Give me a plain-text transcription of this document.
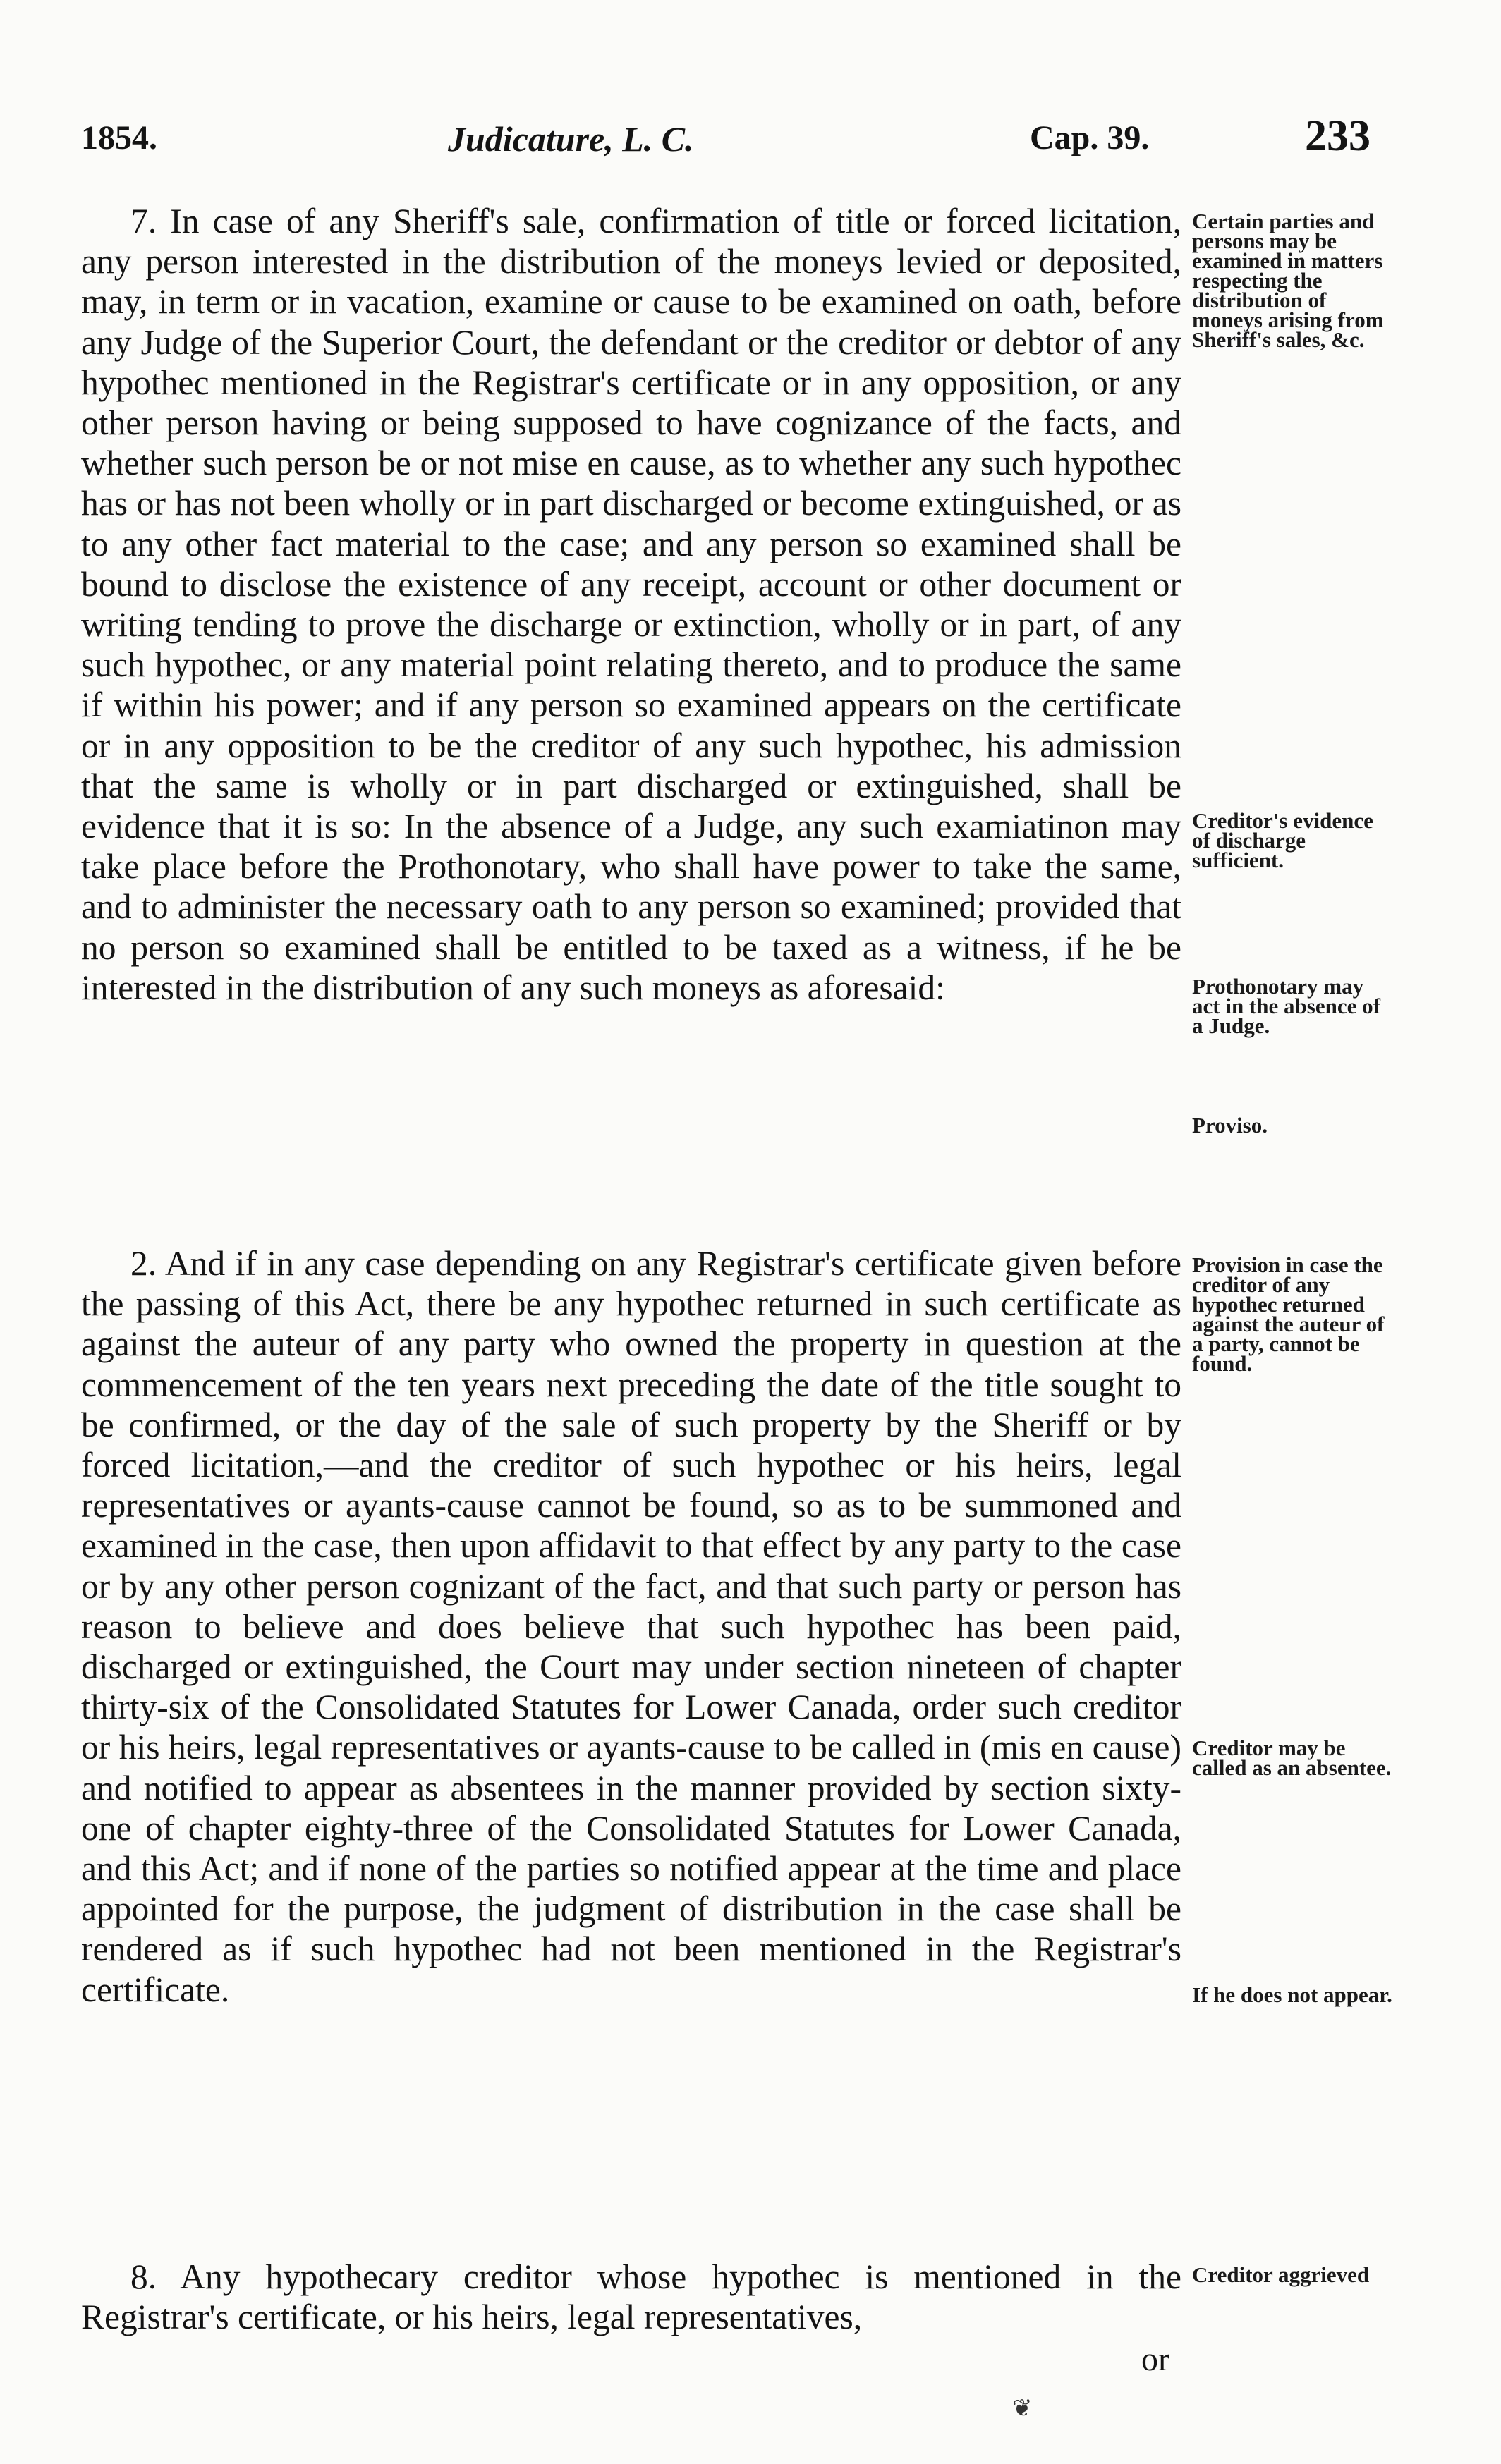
1854.	Judicature, L. C.	Cap. 39.	233
7. In case of any Sheriff's sale, confirmation of title or forced licitation, any person interested in the distribution of the moneys levied or deposited, may, in term or in vacation, examine or cause to be examined on oath, before any Judge of the Superior Court, the defendant or the creditor or debtor of any hypothec mentioned in the Registrar's certificate or in any opposition, or any other person having or being supposed to have cognizance of the facts, and whether such person be or not mise en cause, as to whether any such hypothec has or has not been wholly or in part discharged or become extinguished, or as to any other fact material to the case; and any person so examined shall be bound to disclose the existence of any receipt, account or other document or writing tending to prove the discharge or extinction, wholly or in part, of any such hypothec, or any material point relating thereto, and to produce the same if within his power; and if any person so examined appears on the certificate or in any opposition to be the creditor of any such hypothec, his admission that the same is wholly or in part discharged or extinguished, shall be evidence that it is so: In the absence of a Judge, any such examiatinon may take place before the Prothonotary, who shall have power to take the same, and to administer the necessary oath to any person so examined; provided that no person so examined shall be entitled to be taxed as a witness, if he be interested in the distribution of any such moneys as aforesaid:
2. And if in any case depending on any Registrar's certificate given before the passing of this Act, there be any hypothec returned in such certificate as against the auteur of any party who owned the property in question at the commencement of the ten years next preceding the date of the title sought to be confirmed, or the day of the sale of such property by the Sheriff or by forced licitation,—and the creditor of such hypothec or his heirs, legal representatives or ayants-cause cannot be found, so as to be summoned and examined in the case, then upon affidavit to that effect by any party to the case or by any other person cognizant of the fact, and that such party or person has reason to believe and does believe that such hypothec has been paid, discharged or extinguished, the Court may under section nineteen of chapter thirty-six of the Consolidated Statutes for Lower Canada, order such creditor or his heirs, legal representatives or ayants-cause to be called in (mis en cause) and notified to appear as absentees in the manner provided by section sixty-one of chapter eighty-three of the Consolidated Statutes for Lower Canada, and this Act; and if none of the parties so notified appear at the time and place appointed for the purpose, the judgment of distribution in the case shall be rendered as if such hypothec had not been mentioned in the Registrar's certificate.
8. Any hypothecary creditor whose hypothec is mentioned in the Registrar's certificate, or his heirs, legal representatives,
Certain parties and persons may be examined in matters respecting the distribution of moneys arising from Sheriff's sales, &c.
Creditor's evidence of discharge sufficient.
Prothonotary may act in the absence of a Judge.
Proviso.
Provision in case the creditor of any hypothec returned against the auteur of a party, cannot be found.
Creditor may be called as an absentee.
If he does not appear.
Creditor aggrieved
or
❦
